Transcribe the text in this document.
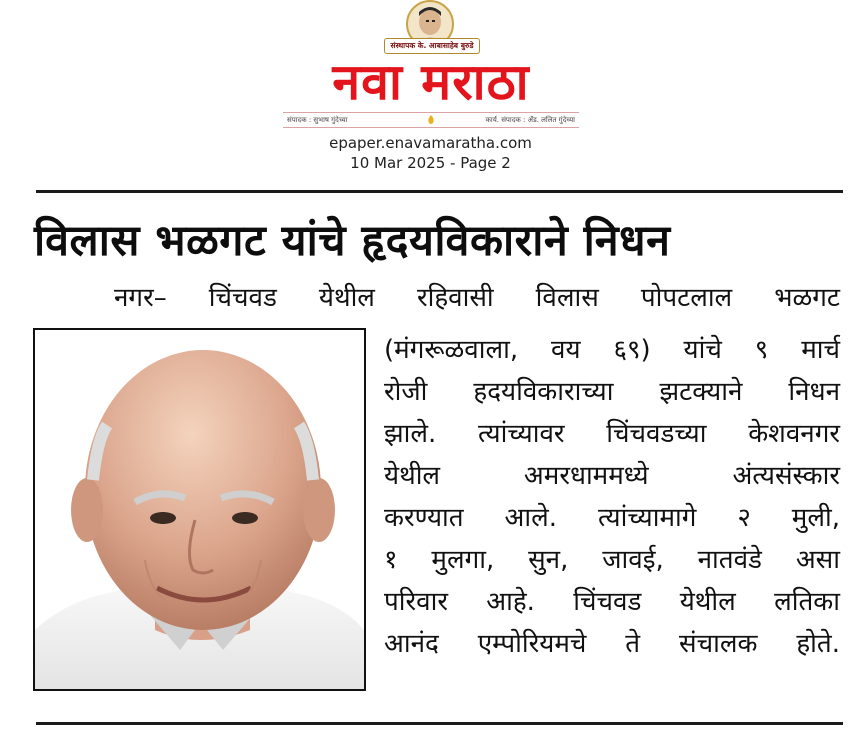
संस्थापक के. आबासाहेब बुरुडे
नवा मराठा
संपादक : सुभाष गुंदेच्या	कार्य. संपादक : अँड. ललित गुंदेच्या
epaper.enavamaratha.com
10 Mar 2025 - Page 2
विलास भळगट यांचे हृदयविकाराने निधन
नगर– चिंचवड येथील रहिवासी विलास पोपटलाल भळगट
(मंगरूळवाला, वय ६९) यांचे ९ मार्च
रोजी हदयविकाराच्या झटक्याने निधन
झाले. त्यांच्यावर चिंचवडच्या केशवनगर
येथील अमरधाममध्ये अंत्यसंस्कार
करण्यात आले. त्यांच्यामागे २ मुली,
१ मुलगा, सुन, जावई, नातवंडे असा
परिवार आहे. चिंचवड येथील लतिका
आनंद एम्पोरियमचे ते संचालक होते.
